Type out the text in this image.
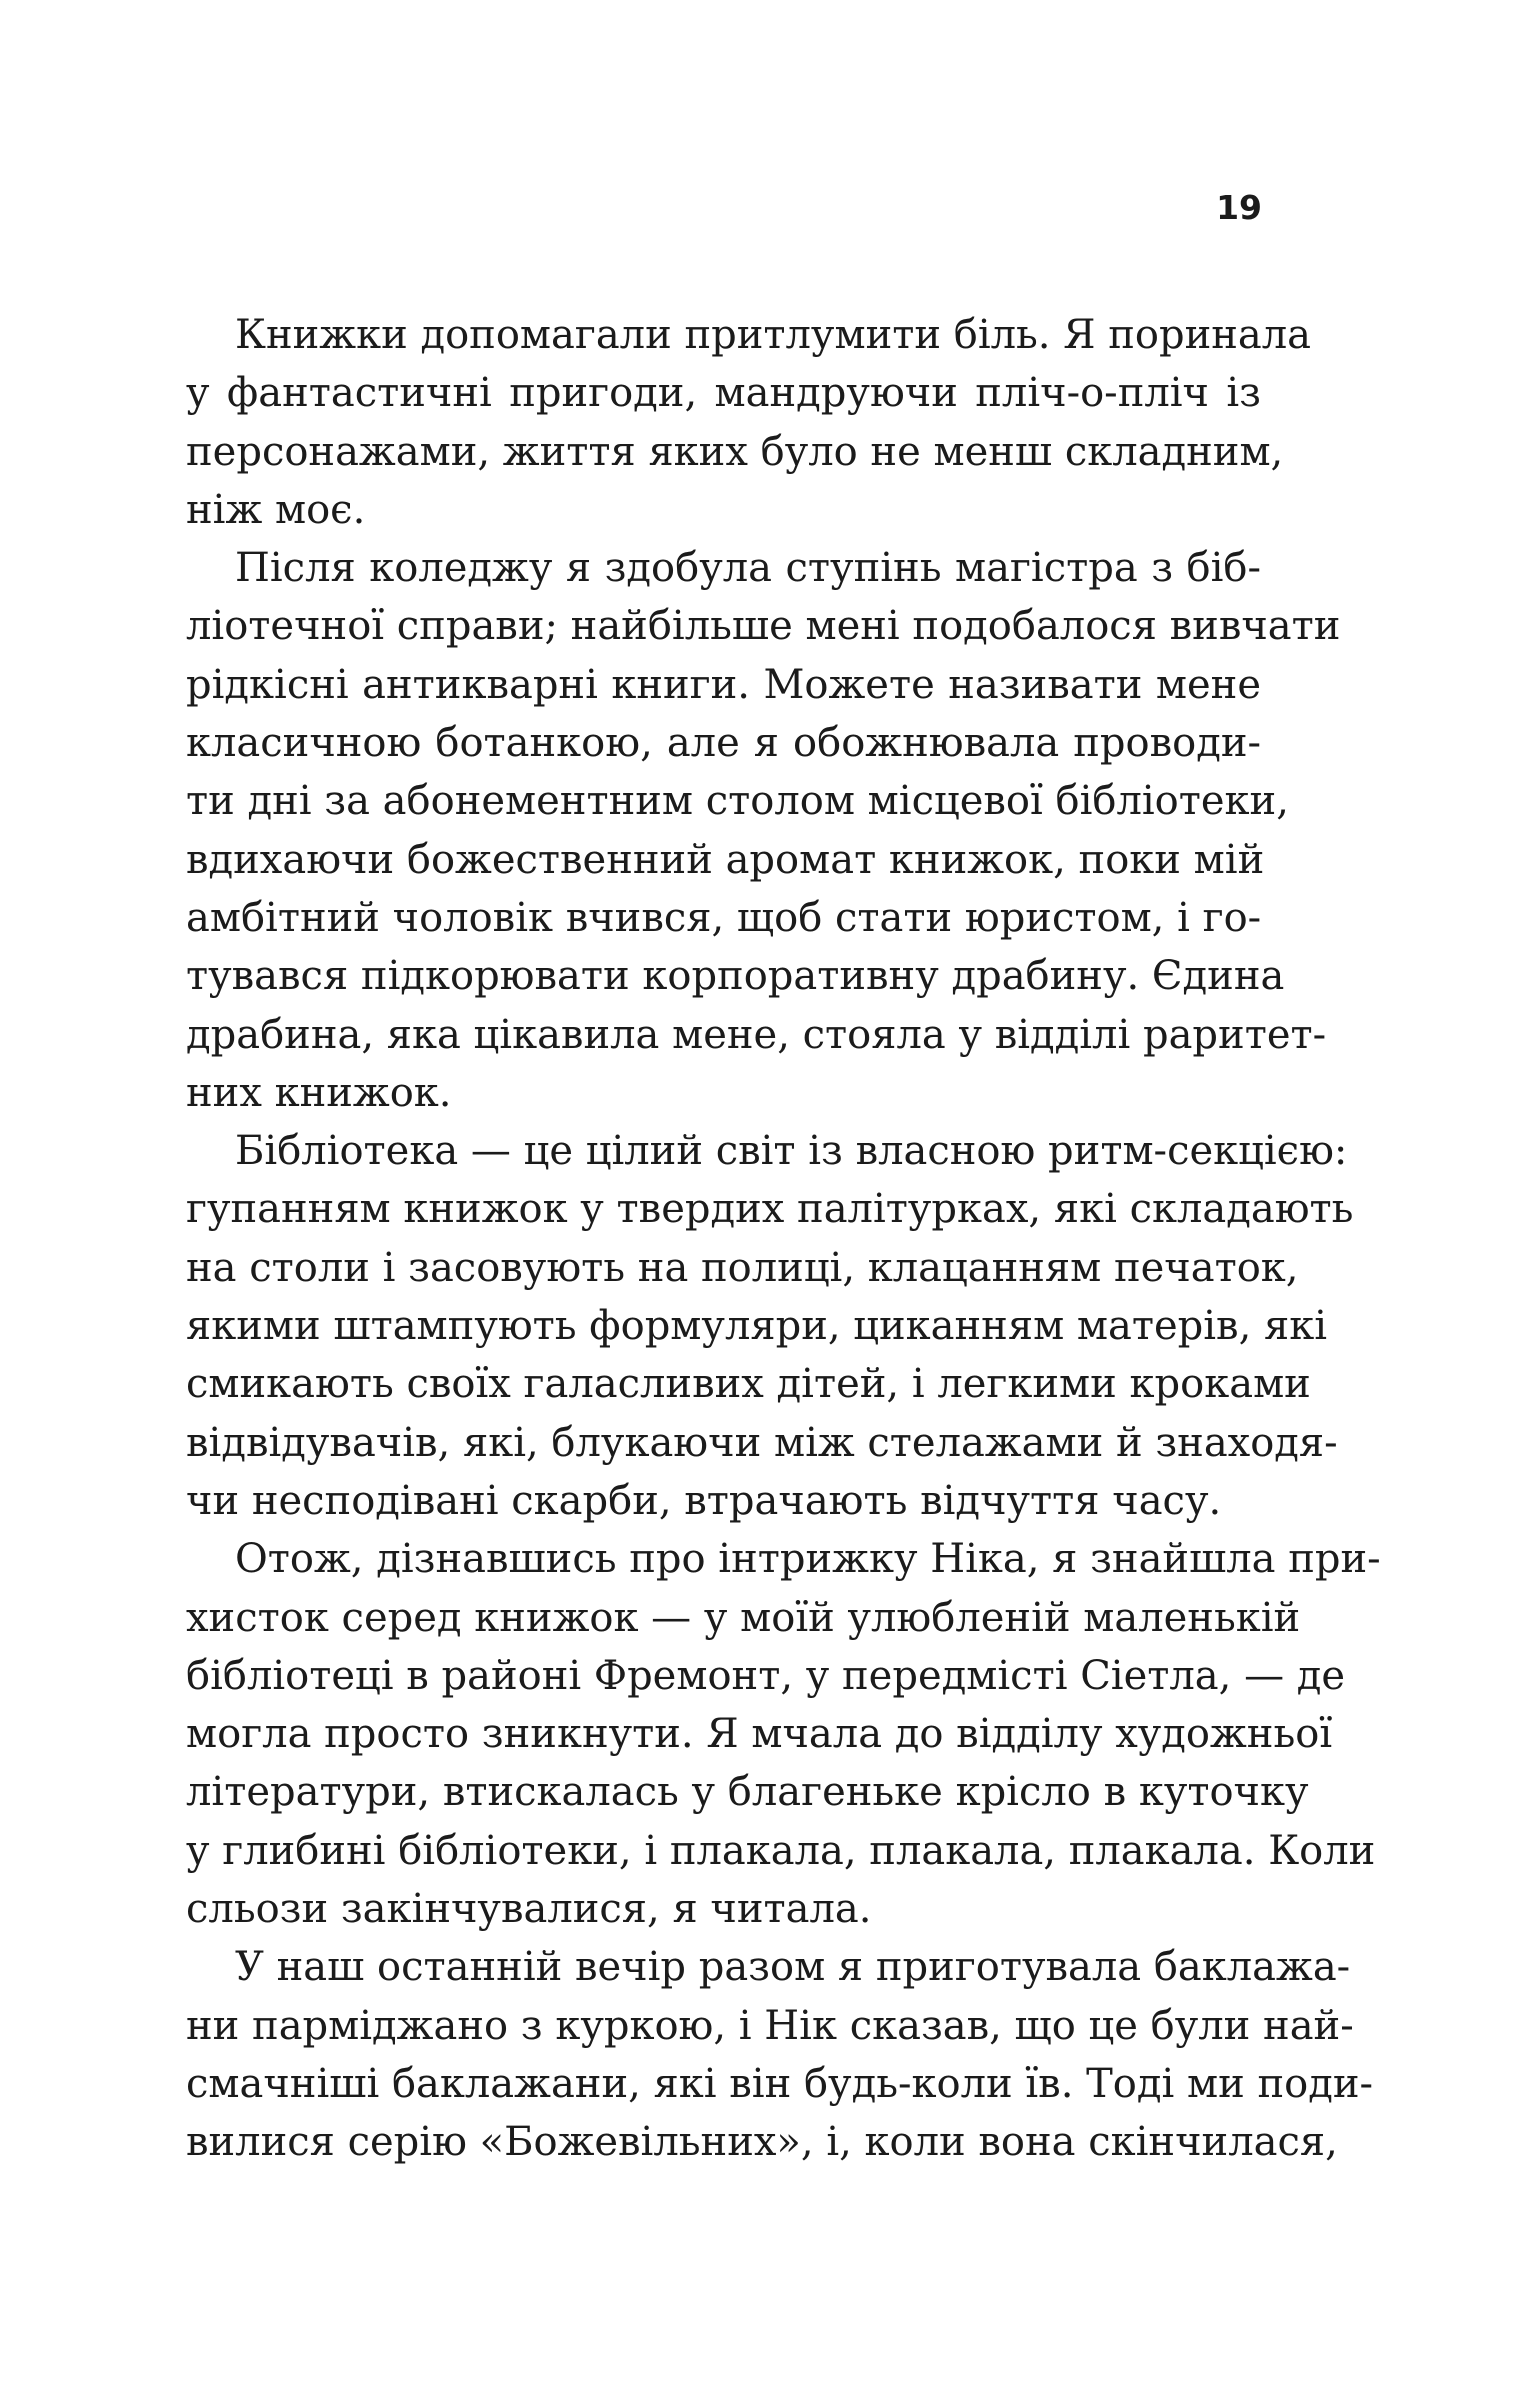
19
Книжки допомагали притлумити біль. Я поринала
у фантастичні пригоди, мандруючи пліч-о-пліч із
персонажами, життя яких було не менш складним,
ніж моє.
Після коледжу я здобула ступінь магістра з біб-
ліотечної справи; найбільше мені подобалося вивчати
рідкісні антикварні книги. Можете називати мене
класичною ботанкою, але я обожнювала проводи-
ти дні за абонементним столом місцевої бібліотеки,
вдихаючи божественний аромат книжок, поки мій
амбітний чоловік вчився, щоб стати юристом, і го-
тувався підкорювати корпоративну драбину. Єдина
драбина, яка цікавила мене, стояла у відділі раритет-
них книжок.
Бібліотека — це цілий світ із власною ритм-секцією:
гупанням книжок у твердих палітурках, які складають
на столи і засовують на полиці, клацанням печаток,
якими штампують формуляри, циканням матерів, які
смикають своїх галасливих дітей, і легкими кроками
відвідувачів, які, блукаючи між стелажами й знаходя-
чи несподівані скарби, втрачають відчуття часу.
Отож, дізнавшись про інтрижку Ніка, я знайшла при-
хисток серед книжок — у моїй улюбленій маленькій
бібліотеці в районі Фремонт, у передмісті Сіетла, — де
могла просто зникнути. Я мчала до відділу художньої
літератури, втискалась у благеньке крісло в куточку
у глибині бібліотеки, і плакала, плакала, плакала. Коли
сльози закінчувалися, я читала.
У наш останній вечір разом я приготувала баклажа-
ни парміджано з куркою, і Нік сказав, що це були най-
смачніші баклажани, які він будь-коли їв. Тоді ми поди-
вилися серію «Божевільних», і, коли вона скінчилася,
